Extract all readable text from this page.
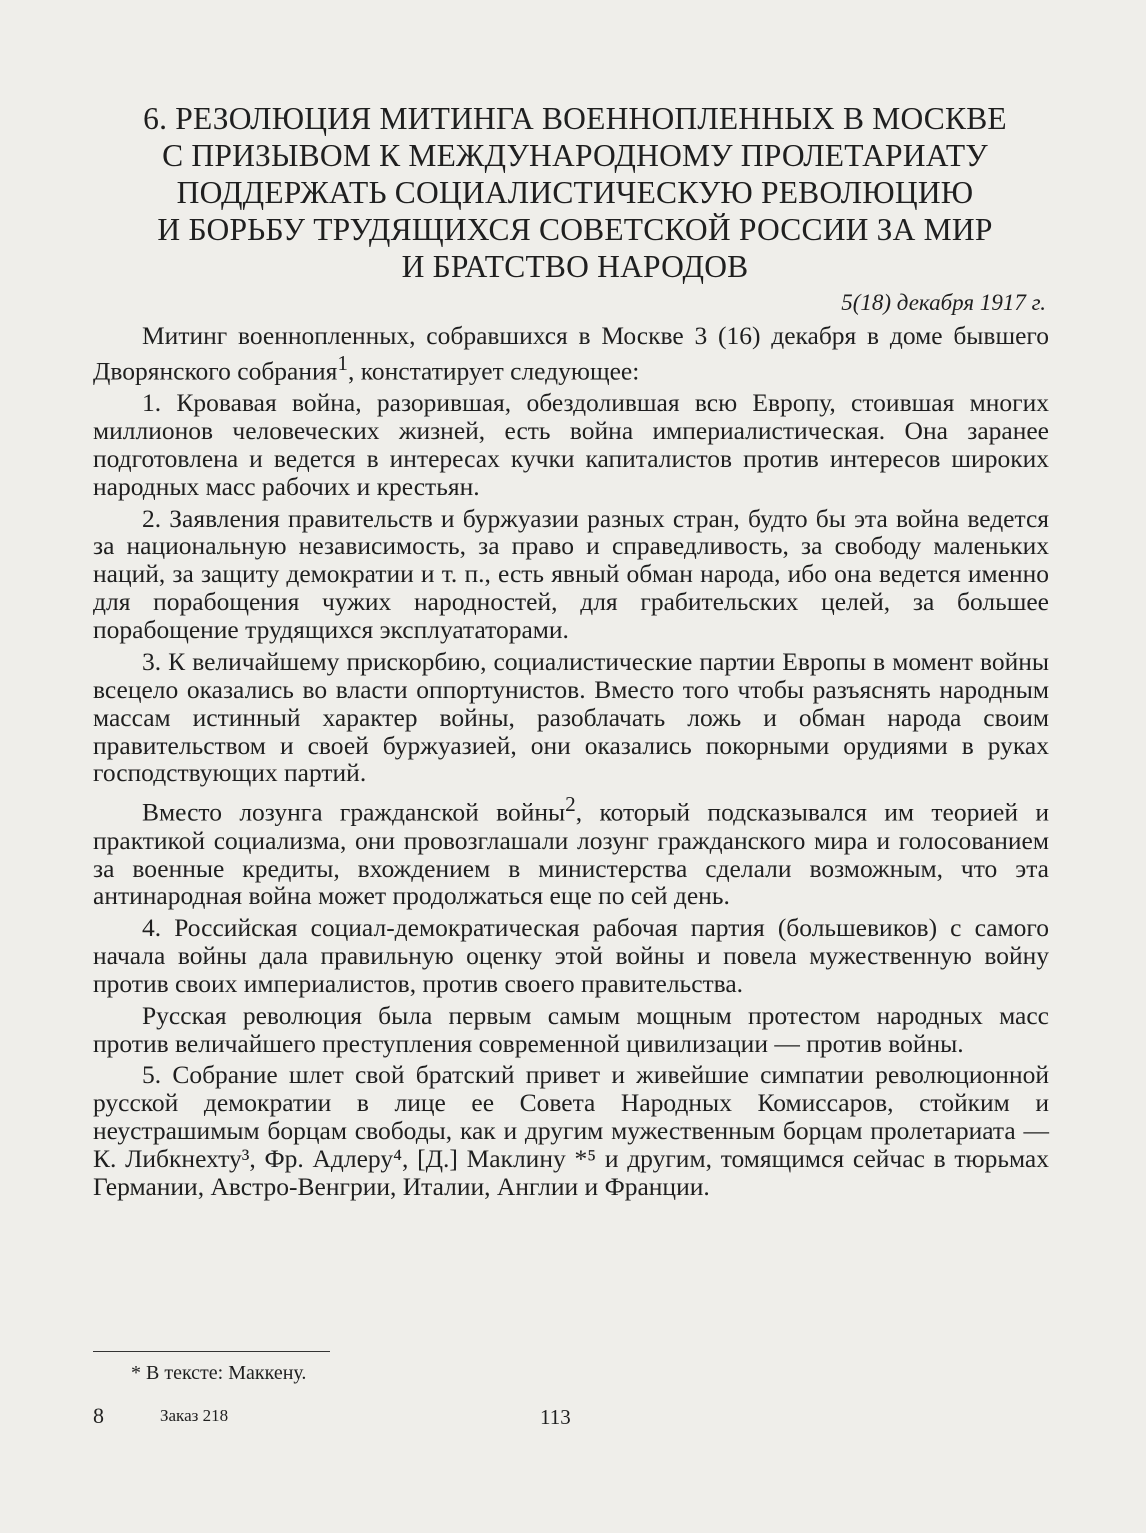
6. РЕЗОЛЮЦИЯ МИТИНГА ВОЕННОПЛЕННЫХ В МОСКВЕ
С ПРИЗЫВОМ К МЕЖДУНАРОДНОМУ ПРОЛЕТАРИАТУ
ПОДДЕРЖАТЬ СОЦИАЛИСТИЧЕСКУЮ РЕВОЛЮЦИЮ
И БОРЬБУ ТРУДЯЩИХСЯ СОВЕТСКОЙ РОССИИ ЗА МИР
И БРАТСТВО НАРОДОВ

5(18) декабря 1917 г.

Митинг военнопленных, собравшихся в Москве 3 (16) декабря в доме бывшего Дворянского собрания$^1$, констатирует следующее:

1. Кровавая война, разорившая, обездолившая всю Европу, стоившая многих миллионов человеческих жизней, есть война империалистическая. Она заранее подготовлена и ведется в интересах кучки капиталистов против интересов широких народных масс рабочих и крестьян.

2. Заявления правительств и буржуазии разных стран, будто бы эта война ведется за национальную независимость, за право и справедливость, за свободу маленьких наций, за защиту демократии и т. п., есть явный обман народа, ибо она ведется именно для порабощения чужих народностей, для грабительских целей, за большее порабощение трудящихся эксплуататорами.

3. К величайшему прискорбию, социалистические партии Европы в момент войны всецело оказались во власти оппортунистов. Вместо того чтобы разъяснять народным массам истинный характер войны, разоблачать ложь и обман народа своим правительством и своей буржуазией, они оказались покорными орудиями в руках господствующих партий.

Вместо лозунга гражданской войны$^2$, который подсказывался им теорией и практикой социализма, они провозглашали лозунг гражданского мира и голосованием за военные кредиты, вхождением в министерства сделали возможным, что эта антинародная война может продолжаться еще по сей день.

4. Российская социал-демократическая рабочая партия (большевиков) с самого начала войны дала правильную оценку этой войны и повела мужественную войну против своих империалистов, против своего правительства.

Русская революция была первым самым мощным протестом народных масс против величайшего преступления современной цивилизации — против войны.

5. Собрание шлет свой братский привет и живейшие симпатии революционной русской демократии в лице ее Совета Народных Комиссаров, стойким и неустрашимым борцам свободы, как и другим мужественным борцам пролетариата — К. Либкнехту³, Фр. Адлеру⁴, [Д.] Маклину *⁵ и другим, томящимся сейчас в тюрьмах Германии, Австро-Венгрии, Италии, Англии и Франции.

* В тексте: Маккену.

8	Заказ 218	113
